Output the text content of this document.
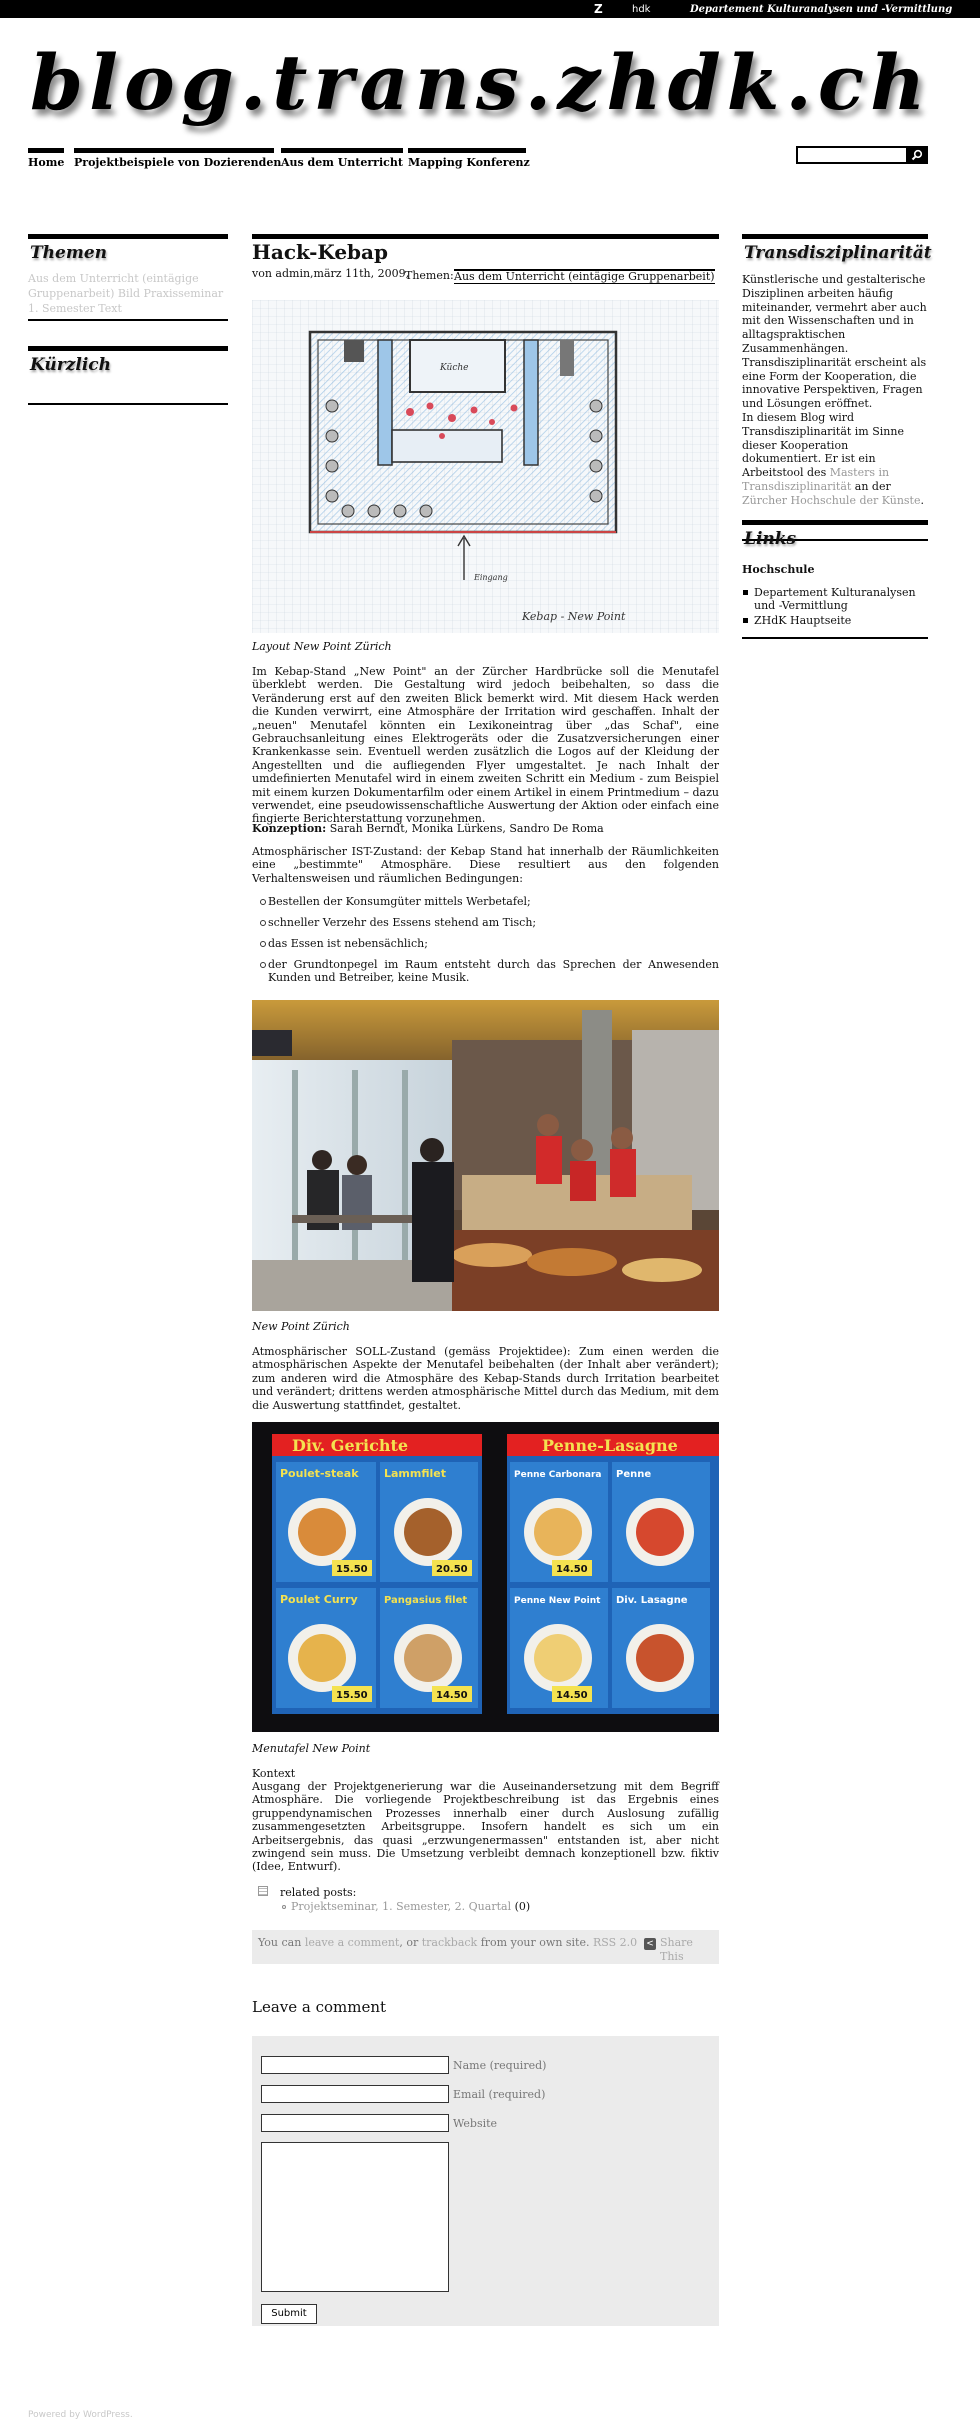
Z	hdk	Departement Kulturanalysen und -Vermittlung
blog.trans.zhdk.ch
Home Projektbeispiele von Dozierenden Aus dem Unterricht Mapping Konferenz
Themen
Aus dem Unterricht (eintägige Gruppenarbeit) Bild Praxisseminar 1. Semester Text
Kürzlich
Transdisziplinarität
Künstlerische und gestalterische Disziplinen arbeiten häufig miteinander, vermehrt aber auch mit den Wissenschaften und in alltagspraktischen Zusammenhängen. Transdisziplinarität erscheint als eine Form der Kooperation, die innovative Perspektiven, Fragen und Lösungen eröffnet.
In diesem Blog wird Transdisziplinarität im Sinne dieser Kooperation dokumentiert. Er ist ein Arbeitstool des Masters in Transdisziplinarität an der Zürcher Hochschule der Künste.
Links
Hochschule
Departement Kulturanalysen und -Vermittlung
ZHdK Hauptseite
Hack-Kebap
von admin,märz 11th, 2009,
Themen: Aus dem Unterricht (eintägige Gruppenarbeit)
Küche
Eingang
Kebap - New Point
Layout New Point Zürich
Im Kebap-Stand „New Point" an der Zürcher Hardbrücke soll die Menutafel überklebt werden. Die Gestaltung wird jedoch beibehalten, so dass die Veränderung erst auf den zweiten Blick bemerkt wird. Mit diesem Hack werden die Kunden verwirrt, eine Atmosphäre der Irritation wird geschaffen. Inhalt der „neuen" Menutafel könnten ein Lexikoneintrag über „das Schaf", eine Gebrauchsanleitung eines Elektrogeräts oder die Zusatzversicherungen einer Krankenkasse sein. Eventuell werden zusätzlich die Logos auf der Kleidung der Angestellten und die aufliegenden Flyer umgestaltet. Je nach Inhalt der umdefinierten Menutafel wird in einem zweiten Schritt ein Medium - zum Beispiel mit einem kurzen Dokumentarfilm oder einem Artikel in einem Printmedium – dazu verwendet, eine pseudowissenschaftliche Auswertung der Aktion oder einfach eine fingierte Berichterstattung vorzunehmen.
Konzeption: Sarah Berndt, Monika Lürkens, Sandro De Roma
Atmosphärischer IST-Zustand: der Kebap Stand hat innerhalb der Räumlichkeiten eine „bestimmte" Atmosphäre. Diese resultiert aus den folgenden Verhaltensweisen und räumlichen Bedingungen:
Bestellen der Konsumgüter mittels Werbetafel;
schneller Verzehr des Essens stehend am Tisch;
das Essen ist nebensächlich;
der Grundtonpegel im Raum entsteht durch das Sprechen der Anwesenden Kunden und Betreiber, keine Musik.
New Point Zürich
Atmosphärischer SOLL-Zustand (gemäss Projektidee): Zum einen werden die atmosphärischen Aspekte der Menutafel beibehalten (der Inhalt aber verändert); zum anderen wird die Atmosphäre des Kebap-Stands durch Irritation bearbeitet und verändert; drittens werden atmosphärische Mittel durch das Medium, mit dem die Auswertung stattfindet, gestaltet.
Div. Gerichte	Penne-Lasagne
Poulet-steak Lammfilet	Penne Carbonara Penne
Poulet Curry	Pangasius filet	Penne New Point Div. Lasagne
15.50	20.50	14.50
15.50	14.50	14.50
Menutafel New Point
Kontext
Ausgang der Projektgenerierung war die Auseinandersetzung mit dem Begriff Atmosphäre. Die vorliegende Projektbeschreibung ist das Ergebnis eines gruppendynamischen Prozesses innerhalb einer durch Auslosung zufällig zusammengesetzten Arbeitsgruppe. Insofern handelt es sich um ein Arbeitsergebnis, das quasi „erzwungenermassen" entstanden ist, aber nicht zwingend sein muss. Die Umsetzung verbleibt demnach konzeptionell bzw. fiktiv (Idee, Entwurf).
related posts:
Projektseminar, 1. Semester, 2. Quartal (0)
You can leave a comment, or trackback from your own site. RSS 2.0 < Share This
Leave a comment
Name (required)
Email (required)
Website
Submit
Powered by WordPress.
